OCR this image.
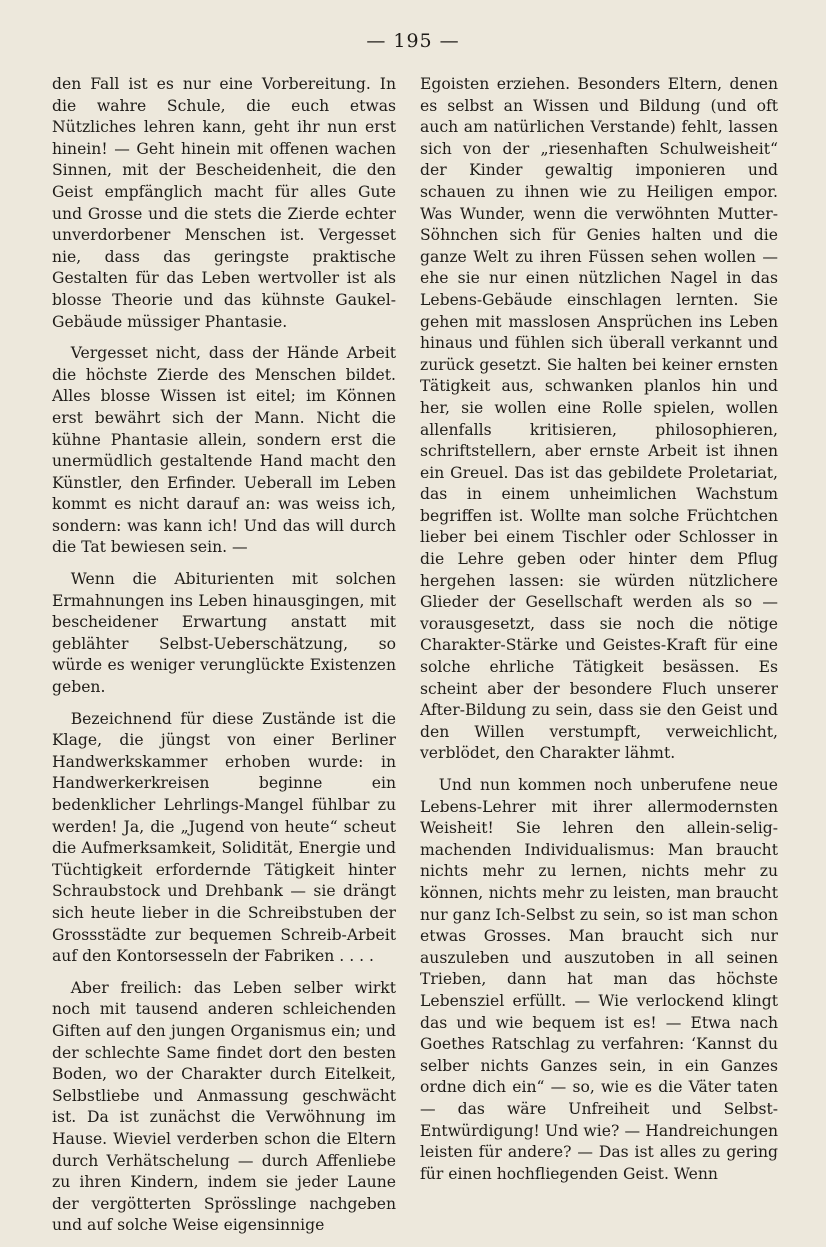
— 195 —

den Fall ist es nur eine Vorbereitung. In die wahre Schule, die euch etwas Nützliches lehren kann, geht ihr nun erst hinein! — Geht hinein mit offenen wachen Sinnen, mit der Bescheidenheit, die den Geist empfänglich macht für alles Gute und Grosse und die stets die Zierde echter unverdorbener Menschen ist. Vergesset nie, dass das geringste praktische Gestalten für das Leben wertvoller ist als blosse Theorie und das kühnste Gaukel-Gebäude müssiger Phantasie.

Vergesset nicht, dass der Hände Arbeit die höchste Zierde des Menschen bildet. Alles blosse Wissen ist eitel; im Können erst bewährt sich der Mann. Nicht die kühne Phantasie allein, sondern erst die unermüdlich gestaltende Hand macht den Künstler, den Erfinder. Ueberall im Leben kommt es nicht darauf an: was weiss ich, sondern: was kann ich! Und das will durch die Tat bewiesen sein. —

Wenn die Abiturienten mit solchen Ermahnungen ins Leben hinausgingen, mit bescheidener Erwartung anstatt mit geblähter Selbst-Ueberschätzung, so würde es weniger verunglückte Existenzen geben.

Bezeichnend für diese Zustände ist die Klage, die jüngst von einer Berliner Handwerkskammer erhoben wurde: in Handwerkerkreisen beginne ein bedenklicher Lehrlings-Mangel fühlbar zu werden! Ja, die „Jugend von heute“ scheut die Aufmerksamkeit, Solidität, Energie und Tüchtigkeit erfordernde Tätigkeit hinter Schraubstock und Drehbank — sie drängt sich heute lieber in die Schreibstuben der Grossstädte zur bequemen Schreib-Arbeit auf den Kontorsesseln der Fabriken . . . .

Aber freilich: das Leben selber wirkt noch mit tausend anderen schleichenden Giften auf den jungen Organismus ein; und der schlechte Same findet dort den besten Boden, wo der Charakter durch Eitelkeit, Selbstliebe und Anmassung geschwächt ist. Da ist zunächst die Verwöhnung im Hause. Wieviel verderben schon die Eltern durch Verhätschelung — durch Affenliebe zu ihren Kindern, indem sie jeder Laune der vergötterten Sprösslinge nachgeben und auf solche Weise eigensinnige

Egoisten erziehen. Besonders Eltern, denen es selbst an Wissen und Bildung (und oft auch am natürlichen Verstande) fehlt, lassen sich von der „riesenhaften Schulweisheit“ der Kinder gewaltig imponieren und schauen zu ihnen wie zu Heiligen empor. Was Wunder, wenn die verwöhnten Mutter-Söhnchen sich für Genies halten und die ganze Welt zu ihren Füssen sehen wollen — ehe sie nur einen nützlichen Nagel in das Lebens-Gebäude einschlagen lernten. Sie gehen mit masslosen Ansprüchen ins Leben hinaus und fühlen sich überall verkannt und zurück gesetzt. Sie halten bei keiner ernsten Tätigkeit aus, schwanken planlos hin und her, sie wollen eine Rolle spielen, wollen allenfalls kritisieren, philosophieren, schriftstellern, aber ernste Arbeit ist ihnen ein Greuel. Das ist das gebildete Proletariat, das in einem unheimlichen Wachstum begriffen ist. Wollte man solche Früchtchen lieber bei einem Tischler oder Schlosser in die Lehre geben oder hinter dem Pflug hergehen lassen: sie würden nützlichere Glieder der Gesellschaft werden als so — vorausgesetzt, dass sie noch die nötige Charakter-Stärke und Geistes-Kraft für eine solche ehrliche Tätigkeit besässen. Es scheint aber der besondere Fluch unserer After-Bildung zu sein, dass sie den Geist und den Willen verstumpft, verweichlicht, verblödet, den Charakter lähmt.

Und nun kommen noch unberufene neue Lebens-Lehrer mit ihrer allermodernsten Weisheit! Sie lehren den allein-selig-machenden Individualismus: Man braucht nichts mehr zu lernen, nichts mehr zu können, nichts mehr zu leisten, man braucht nur ganz Ich-Selbst zu sein, so ist man schon etwas Grosses. Man braucht sich nur auszuleben und auszutoben in all seinen Trieben, dann hat man das höchste Lebensziel erfüllt. — Wie verlockend klingt das und wie bequem ist es! — Etwa nach Goethes Ratschlag zu verfahren: ‘Kannst du selber nichts Ganzes sein, in ein Ganzes ordne dich ein“ — so, wie es die Väter taten — das wäre Unfreiheit und Selbst-Entwürdigung! Und wie? — Handreichungen leisten für andere? — Das ist alles zu gering für einen hochfliegenden Geist. Wenn
